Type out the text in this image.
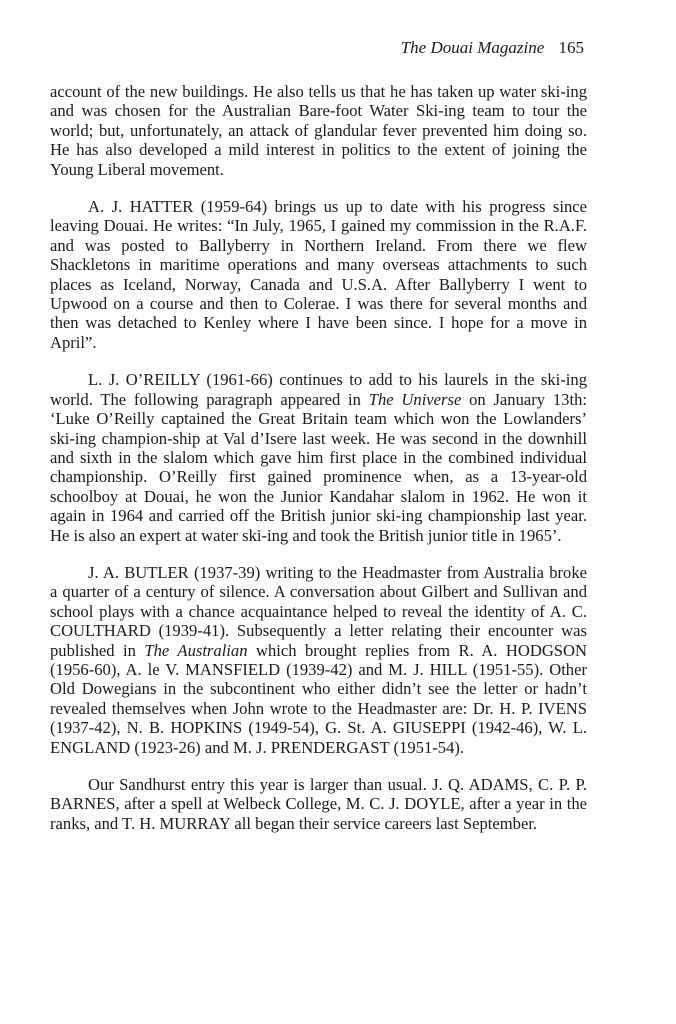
The Douai Magazine 165

account of the new buildings. He also tells us that he has taken up water ski-ing and was chosen for the Australian Bare-foot Water Ski-ing team to tour the world; but, unfortunately, an attack of glandular fever prevented him doing so. He has also developed a mild interest in politics to the extent of joining the Young Liberal movement.

A. J. HATTER (1959-64) brings us up to date with his progress since leaving Douai. He writes: “In July, 1965, I gained my commission in the R.A.F. and was posted to Ballyberry in Northern Ireland. From there we flew Shackletons in maritime operations and many overseas attachments to such places as Iceland, Norway, Canada and U.S.A. After Ballyberry I went to Upwood on a course and then to Colerae. I was there for several months and then was detached to Kenley where I have been since. I hope for a move in April”.

L. J. O’REILLY (1961-66) continues to add to his laurels in the ski-ing world. The following paragraph appeared in The Universe on January 13th: ‘Luke O’Reilly captained the Great Britain team which won the Lowlanders’ ski-ing champion-ship at Val d’Isere last week. He was second in the downhill and sixth in the slalom which gave him first place in the combined individual championship. O’Reilly first gained prominence when, as a 13-year-old schoolboy at Douai, he won the Junior Kandahar slalom in 1962. He won it again in 1964 and carried off the British junior ski-ing championship last year. He is also an expert at water ski-ing and took the British junior title in 1965’.

J. A. BUTLER (1937-39) writing to the Headmaster from Australia broke a quarter of a century of silence. A conversation about Gilbert and Sullivan and school plays with a chance acquaintance helped to reveal the identity of A. C. COULTHARD (1939-41). Subsequently a letter relating their encounter was published in The Australian which brought replies from R. A. HODGSON (1956-60), A. le V. MANSFIELD (1939-42) and M. J. HILL (1951-55). Other Old Dowegians in the subcontinent who either didn’t see the letter or hadn’t revealed themselves when John wrote to the Headmaster are: Dr. H. P. IVENS (1937-42), N. B. HOPKINS (1949-54), G. St. A. GIUSEPPI (1942-46), W. L. ENGLAND (1923-26) and M. J. PRENDERGAST (1951-54).

Our Sandhurst entry this year is larger than usual. J. Q. ADAMS, C. P. P. BARNES, after a spell at Welbeck College, M. C. J. DOYLE, after a year in the ranks, and T. H. MURRAY all began their service careers last September.
